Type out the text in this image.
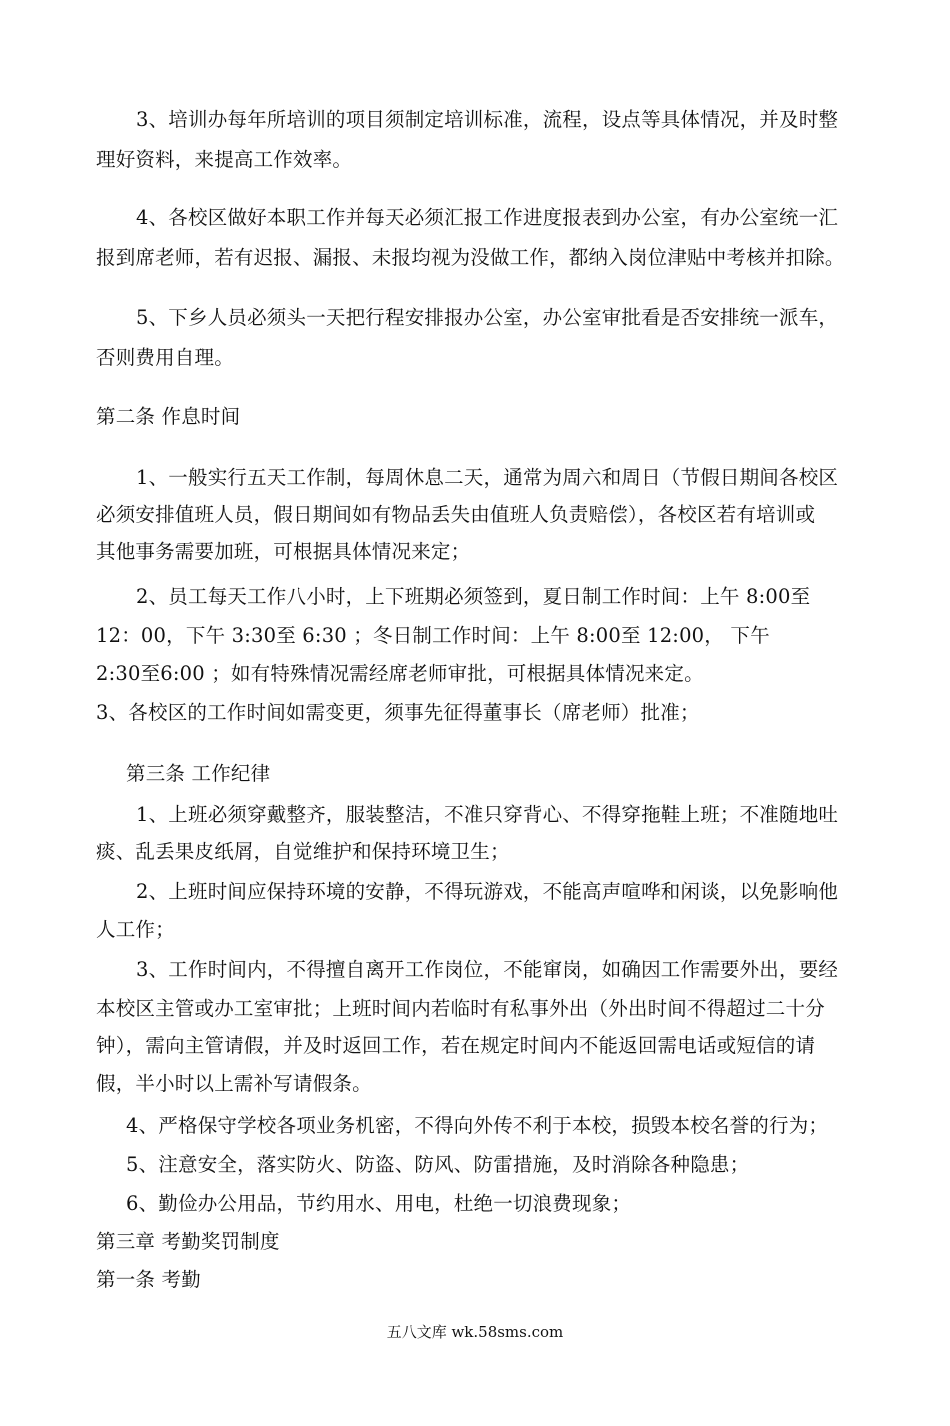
3、培训办每年所培训的项目须制定培训标准，流程，设点等具体情况，并及时整
理好资料，来提高工作效率。
4、各校区做好本职工作并每天必须汇报工作进度报表到办公室，有办公室统一汇
报到席老师，若有迟报、漏报、未报均视为没做工作，都纳入岗位津贴中考核并扣除。
5、下乡人员必须头一天把行程安排报办公室，办公室审批看是否安排统一派车，
否则费用自理。
第二条 作息时间
1、一般实行五天工作制，每周休息二天，通常为周六和周日（节假日期间各校区
必须安排值班人员，假日期间如有物品丢失由值班人负责赔偿），各校区若有培训或
其他事务需要加班，可根据具体情况来定；
2、员工每天工作八小时，上下班期必须签到，夏日制工作时间：上午 8:00至
12：00，下午 3:30至 6:30 ；冬日制工作时间：上午 8:00至 12:00， 下午
2:30至6:00 ；如有特殊情况需经席老师审批，可根据具体情况来定。
3、各校区的工作时间如需变更，须事先征得董事长（席老师）批准；
第三条 工作纪律
1、上班必须穿戴整齐，服装整洁，不准只穿背心、不得穿拖鞋上班；不准随地吐
痰、乱丢果皮纸屑，自觉维护和保持环境卫生；
2、上班时间应保持环境的安静，不得玩游戏，不能高声喧哗和闲谈，以免影响他
人工作；
3、工作时间内，不得擅自离开工作岗位，不能窜岗，如确因工作需要外出，要经
本校区主管或办工室审批；上班时间内若临时有私事外出（外出时间不得超过二十分
钟），需向主管请假，并及时返回工作，若在规定时间内不能返回需电话或短信的请
假，半小时以上需补写请假条。
4、严格保守学校各项业务机密，不得向外传不利于本校，损毁本校名誉的行为；
5、注意安全，落实防火、防盗、防风、防雷措施，及时消除各种隐患；
6、勤俭办公用品，节约用水、用电，杜绝一切浪费现象；
第三章 考勤奖罚制度
第一条 考勤
五八文库 wk.58sms.com
